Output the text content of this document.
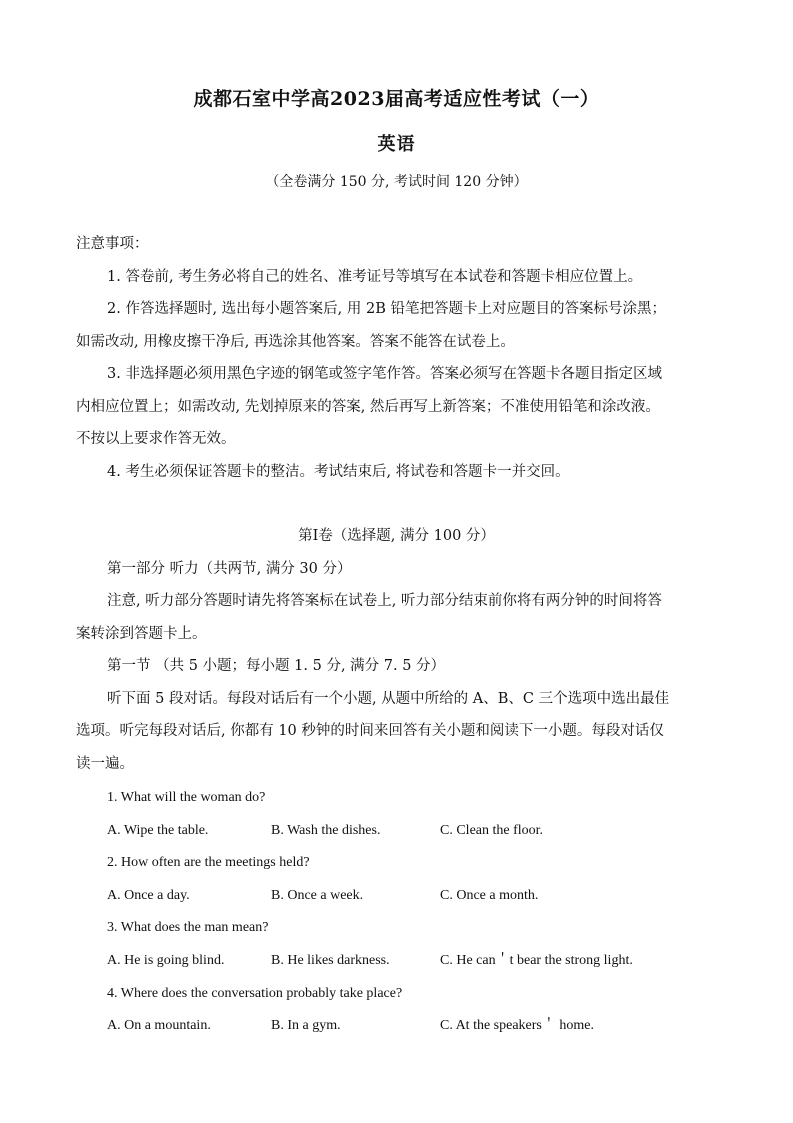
成都石室中学高2023届高考适应性考试（一）
英语
（全卷满分 150 分, 考试时间 120 分钟）
注意事项：
1. 答卷前, 考生务必将自己的姓名、准考证号等填写在本试卷和答题卡相应位置上。
2. 作答选择题时, 选出每小题答案后, 用 2B 铅笔把答题卡上对应题目的答案标号涂黑；
如需改动, 用橡皮擦干净后, 再选涂其他答案。答案不能答在试卷上。
3. 非选择题必须用黑色字迹的钢笔或签字笔作答。答案必须写在答题卡各题目指定区域
内相应位置上；如需改动, 先划掉原来的答案, 然后再写上新答案；不准使用铅笔和涂改液。
不按以上要求作答无效。
4. 考生必须保证答题卡的整洁。考试结束后, 将试卷和答题卡一并交回。
第Ⅰ卷（选择题, 满分 100 分）
第一部分 听力（共两节, 满分 30 分）
注意, 听力部分答题时请先将答案标在试卷上, 听力部分结束前你将有两分钟的时间将答
案转涂到答题卡上。
第一节 （共 5 小题；每小题 1. 5 分, 满分 7. 5 分）
听下面 5 段对话。每段对话后有一个小题, 从题中所给的 A、B、C 三个选项中选出最佳
选项。听完每段对话后, 你都有 10 秒钟的时间来回答有关小题和阅读下一小题。每段对话仅
读一遍。
1. What will the woman do?
A. Wipe the table.	B. Wash the dishes.	C. Clean the floor.
2. How often are the meetings held?
A. Once a day.	B. Once a week.	C. Once a month.
3. What does the man mean?
A. He is going blind.	B. He likes darkness.	C. He can＇t bear the strong light.
4. Where does the conversation probably take place?
A. On a mountain.	B. In a gym.	C. At the speakers＇ home.
